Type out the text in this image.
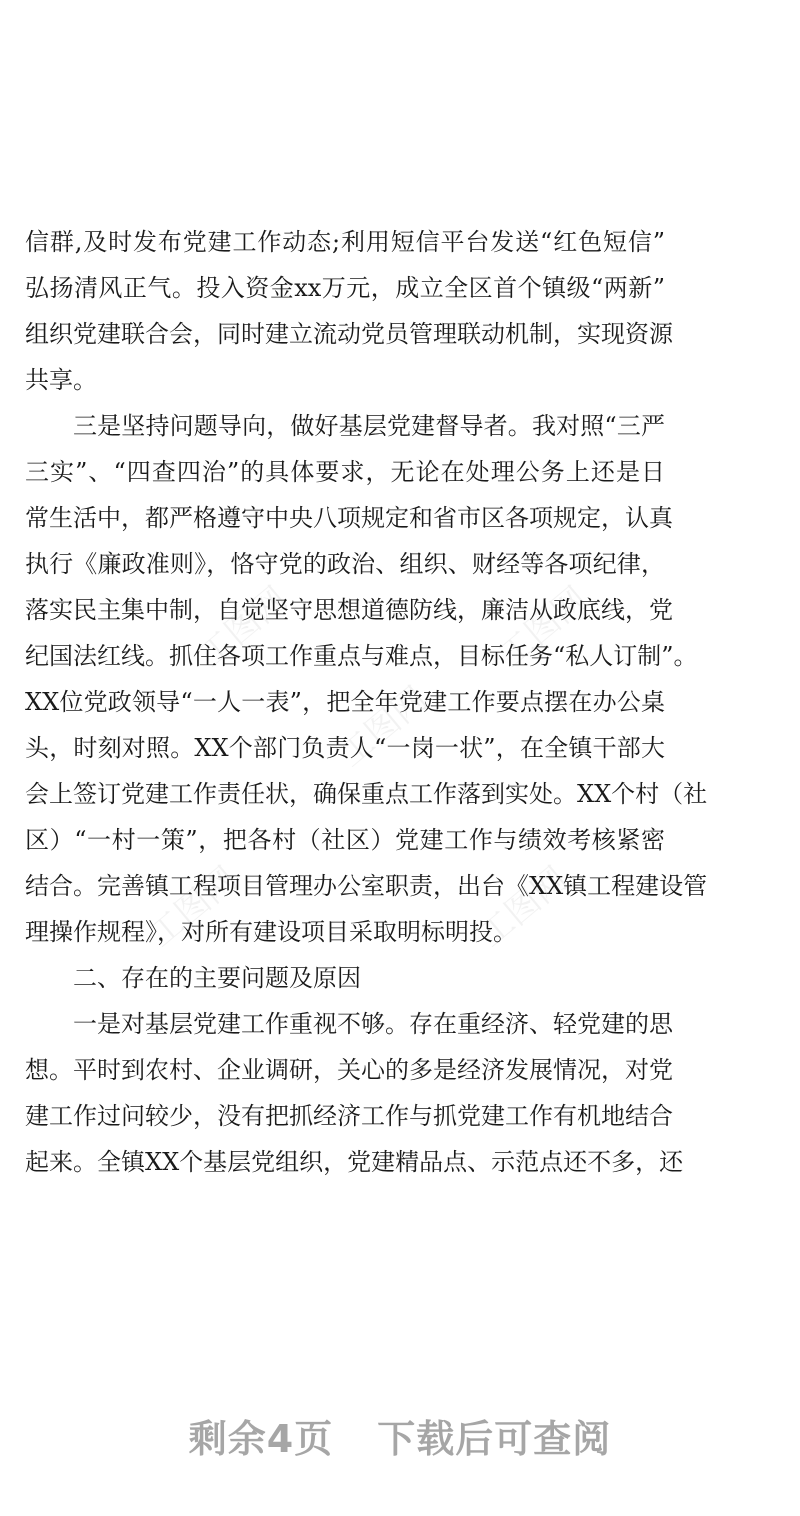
工图网	工图网
工图网
工图网	工图网
信群,及时发布党建工作动态;利用短信平台发送“红色短信”
弘扬清风正气。投入资金xx万元，成立全区首个镇级“两新”
组织党建联合会，同时建立流动党员管理联动机制，实现资源
共享。
三是坚持问题导向，做好基层党建督导者。我对照“三严
三实”、“四查四治”的具体要求，无论在处理公务上还是日
常生活中，都严格遵守中央八项规定和省市区各项规定，认真
执行《廉政准则》，恪守党的政治、组织、财经等各项纪律，
落实民主集中制，自觉坚守思想道德防线，廉洁从政底线，党
纪国法红线。抓住各项工作重点与难点，目标任务“私人订制”。
XX位党政领导“一人一表”，把全年党建工作要点摆在办公桌
头，时刻对照。XX个部门负责人“一岗一状”，在全镇干部大
会上签订党建工作责任状，确保重点工作落到实处。XX个村（社
区）“一村一策”，把各村（社区）党建工作与绩效考核紧密
结合。完善镇工程项目管理办公室职责，出台《XX镇工程建设管
理操作规程》，对所有建设项目采取明标明投。
二、存在的主要问题及原因
一是对基层党建工作重视不够。存在重经济、轻党建的思
想。平时到农村、企业调研，关心的多是经济发展情况，对党
建工作过问较少，没有把抓经济工作与抓党建工作有机地结合
起来。全镇XX个基层党组织，党建精品点、示范点还不多，还
剩余4页 下载后可查阅
